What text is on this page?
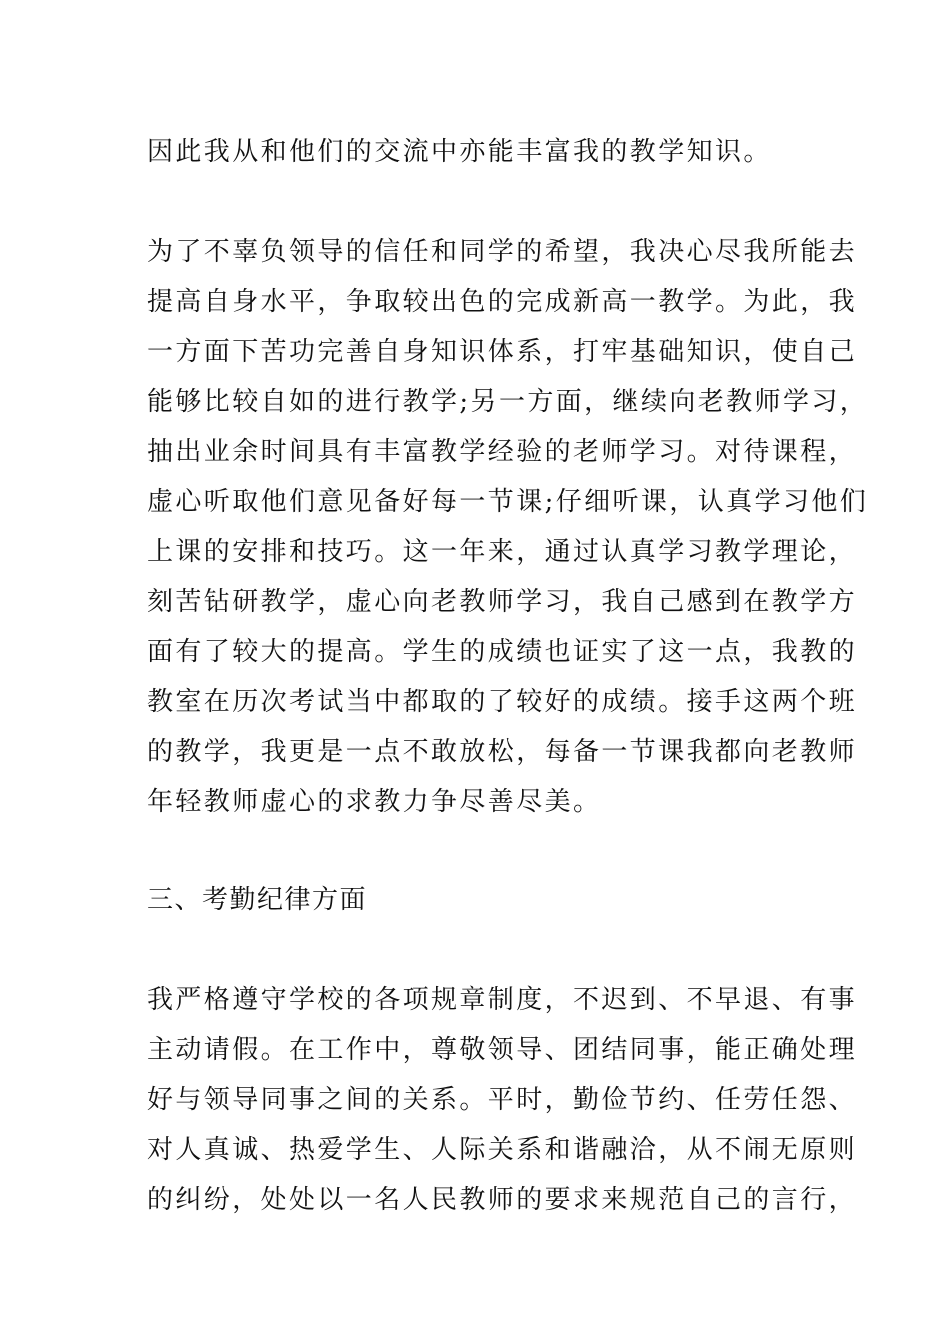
因此我从和他们的交流中亦能丰富我的教学知识。

为了不辜负领导的信任和同学的希望，我决心尽我所能去

提高自身水平，争取较出色的完成新高一教学。为此，我

一方面下苦功完善自身知识体系，打牢基础知识，使自己

能够比较自如的进行教学;另一方面，继续向老教师学习，

抽出业余时间具有丰富教学经验的老师学习。对待课程，

虚心听取他们意见备好每一节课;仔细听课，认真学习他们

上课的安排和技巧。这一年来，通过认真学习教学理论，

刻苦钻研教学，虚心向老教师学习，我自己感到在教学方

面有了较大的提高。学生的成绩也证实了这一点，我教的

教室在历次考试当中都取的了较好的成绩。接手这两个班

的教学，我更是一点不敢放松，每备一节课我都向老教师

年轻教师虚心的求教力争尽善尽美。

三、考勤纪律方面

我严格遵守学校的各项规章制度，不迟到、不早退、有事

主动请假。在工作中，尊敬领导、团结同事，能正确处理

好与领导同事之间的关系。平时，勤俭节约、任劳任怨、

对人真诚、热爱学生、人际关系和谐融洽，从不闹无原则

的纠纷，处处以一名人民教师的要求来规范自己的言行，
